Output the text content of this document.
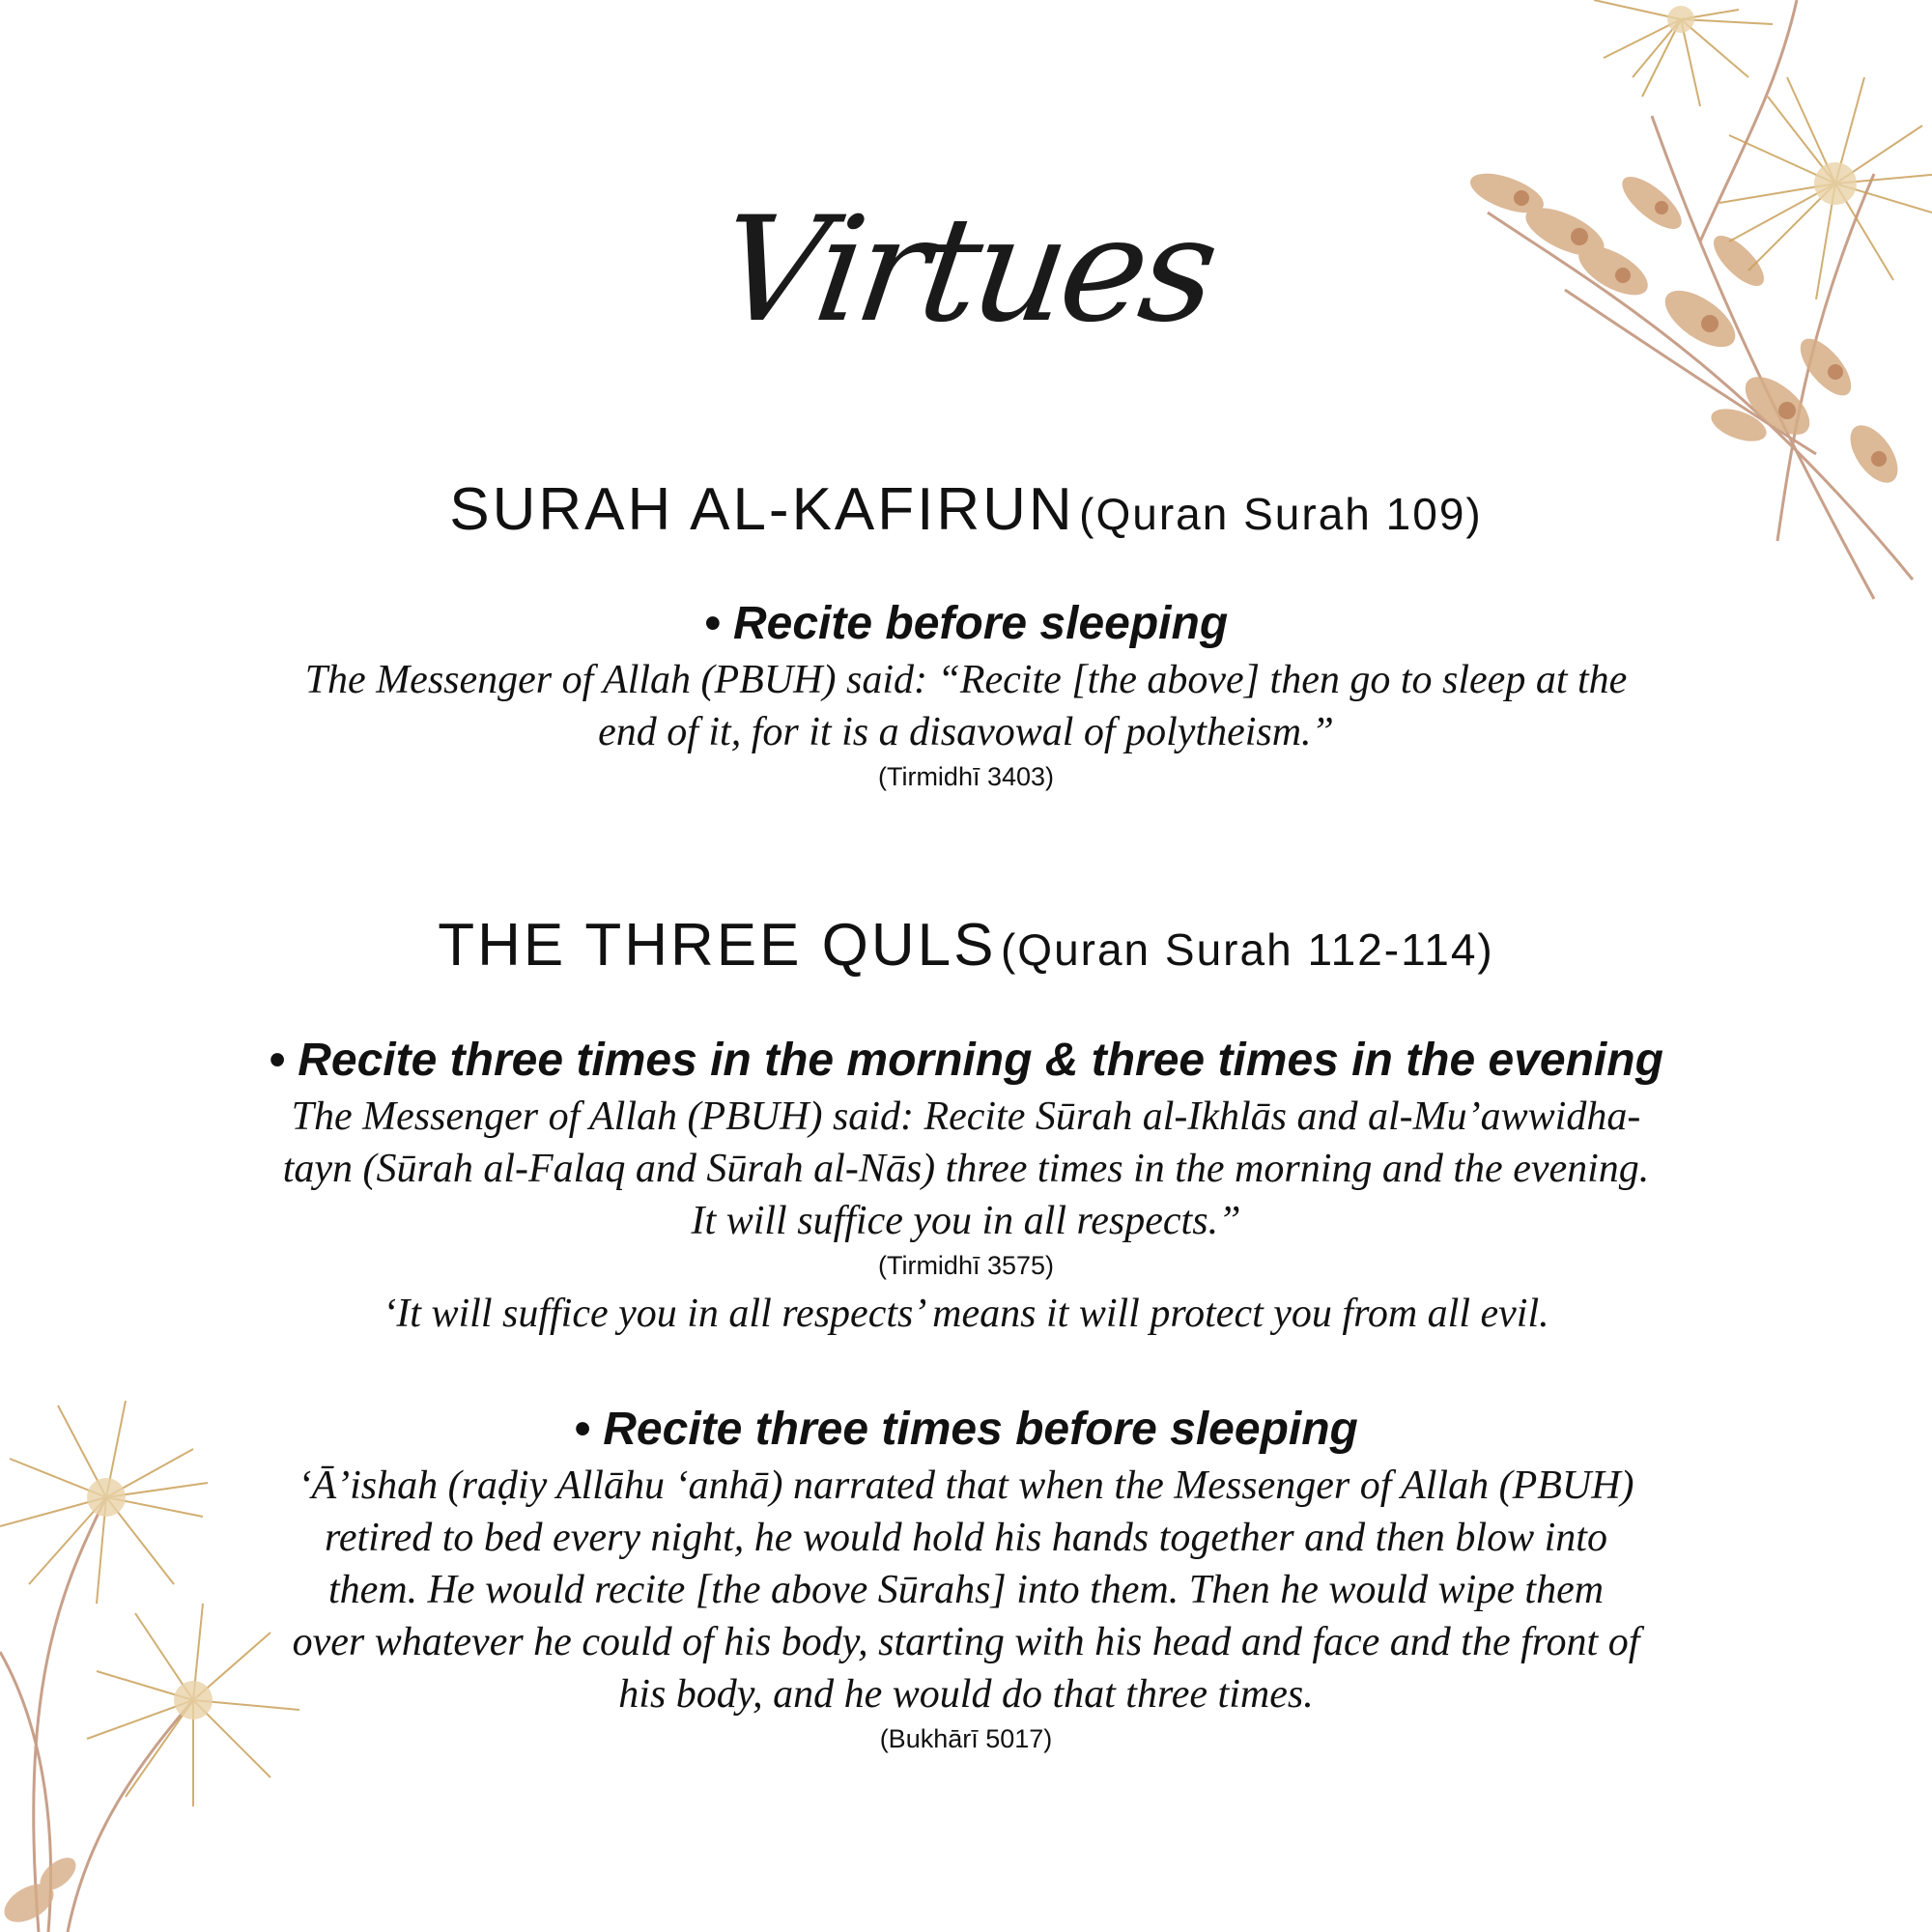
Virtues
SURAH AL-KAFIRUN (Quran Surah 109)
• Recite before sleeping
The Messenger of Allah (PBUH) said: “Recite [the above] then go to sleep at the
end of it, for it is a disavowal of polytheism.”
(Tirmidhī 3403)
THE THREE QULS (Quran Surah 112-114)
• Recite three times in the morning & three times in the evening
The Messenger of Allah (PBUH) said: Recite Sūrah al-Ikhlās and al-Mu’awwidha-
tayn (Sūrah al-Falaq and Sūrah al-Nās) three times in the morning and the evening.
It will suffice you in all respects.”
(Tirmidhī 3575)
‘It will suffice you in all respects’ means it will protect you from all evil.
• Recite three times before sleeping
‘Ā’ishah (raḍiy Allāhu ‘anhā) narrated that when the Messenger of Allah (PBUH)
retired to bed every night, he would hold his hands together and then blow into
them. He would recite [the above Sūrahs] into them. Then he would wipe them
over whatever he could of his body, starting with his head and face and the front of
his body, and he would do that three times.
(Bukhārī 5017)
